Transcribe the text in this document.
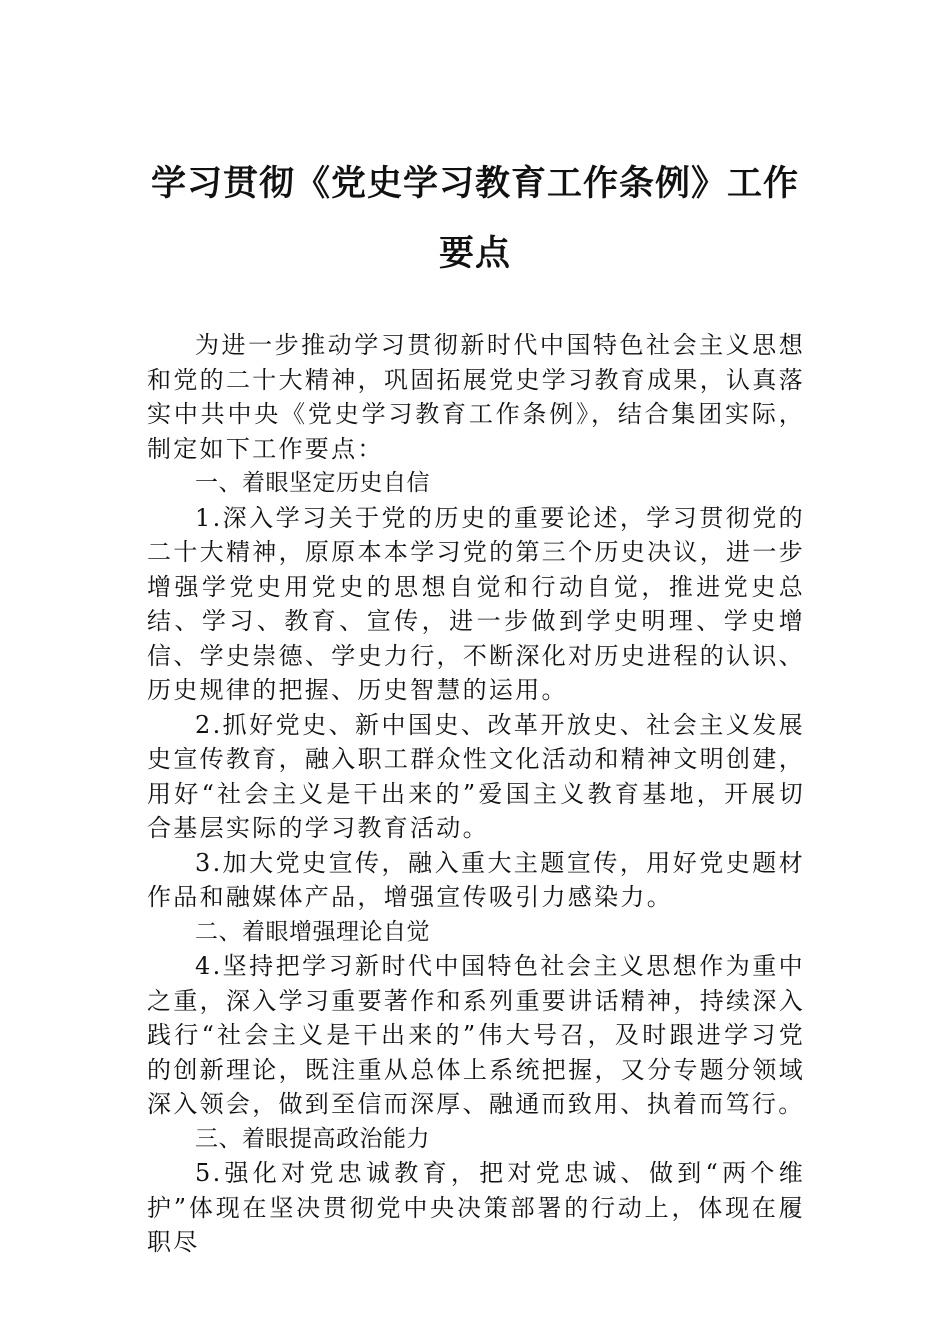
学习贯彻《党史学习教育工作条例》工作
要点

为进一步推动学习贯彻新时代中国特色社会主义思想和党的二十大精神，巩固拓展党史学习教育成果，认真落实中共中央《党史学习教育工作条例》，结合集团实际，制定如下工作要点：

一、着眼坚定历史自信

1.深入学习关于党的历史的重要论述，学习贯彻党的二十大精神，原原本本学习党的第三个历史决议，进一步增强学党史用党史的思想自觉和行动自觉，推进党史总结、学习、教育、宣传，进一步做到学史明理、学史增信、学史崇德、学史力行，不断深化对历史进程的认识、历史规律的把握、历史智慧的运用。

2.抓好党史、新中国史、改革开放史、社会主义发展史宣传教育，融入职工群众性文化活动和精神文明创建，用好“社会主义是干出来的”爱国主义教育基地，开展切合基层实际的学习教育活动。

3.加大党史宣传，融入重大主题宣传，用好党史题材作品和融媒体产品，增强宣传吸引力感染力。

二、着眼增强理论自觉

4.坚持把学习新时代中国特色社会主义思想作为重中之重，深入学习重要著作和系列重要讲话精神，持续深入践行“社会主义是干出来的”伟大号召，及时跟进学习党的创新理论，既注重从总体上系统把握，又分专题分领域深入领会，做到至信而深厚、融通而致用、执着而笃行。

三、着眼提高政治能力

5.强化对党忠诚教育，把对党忠诚、做到“两个维护”体现在坚决贯彻党中央决策部署的行动上，体现在履职尽
